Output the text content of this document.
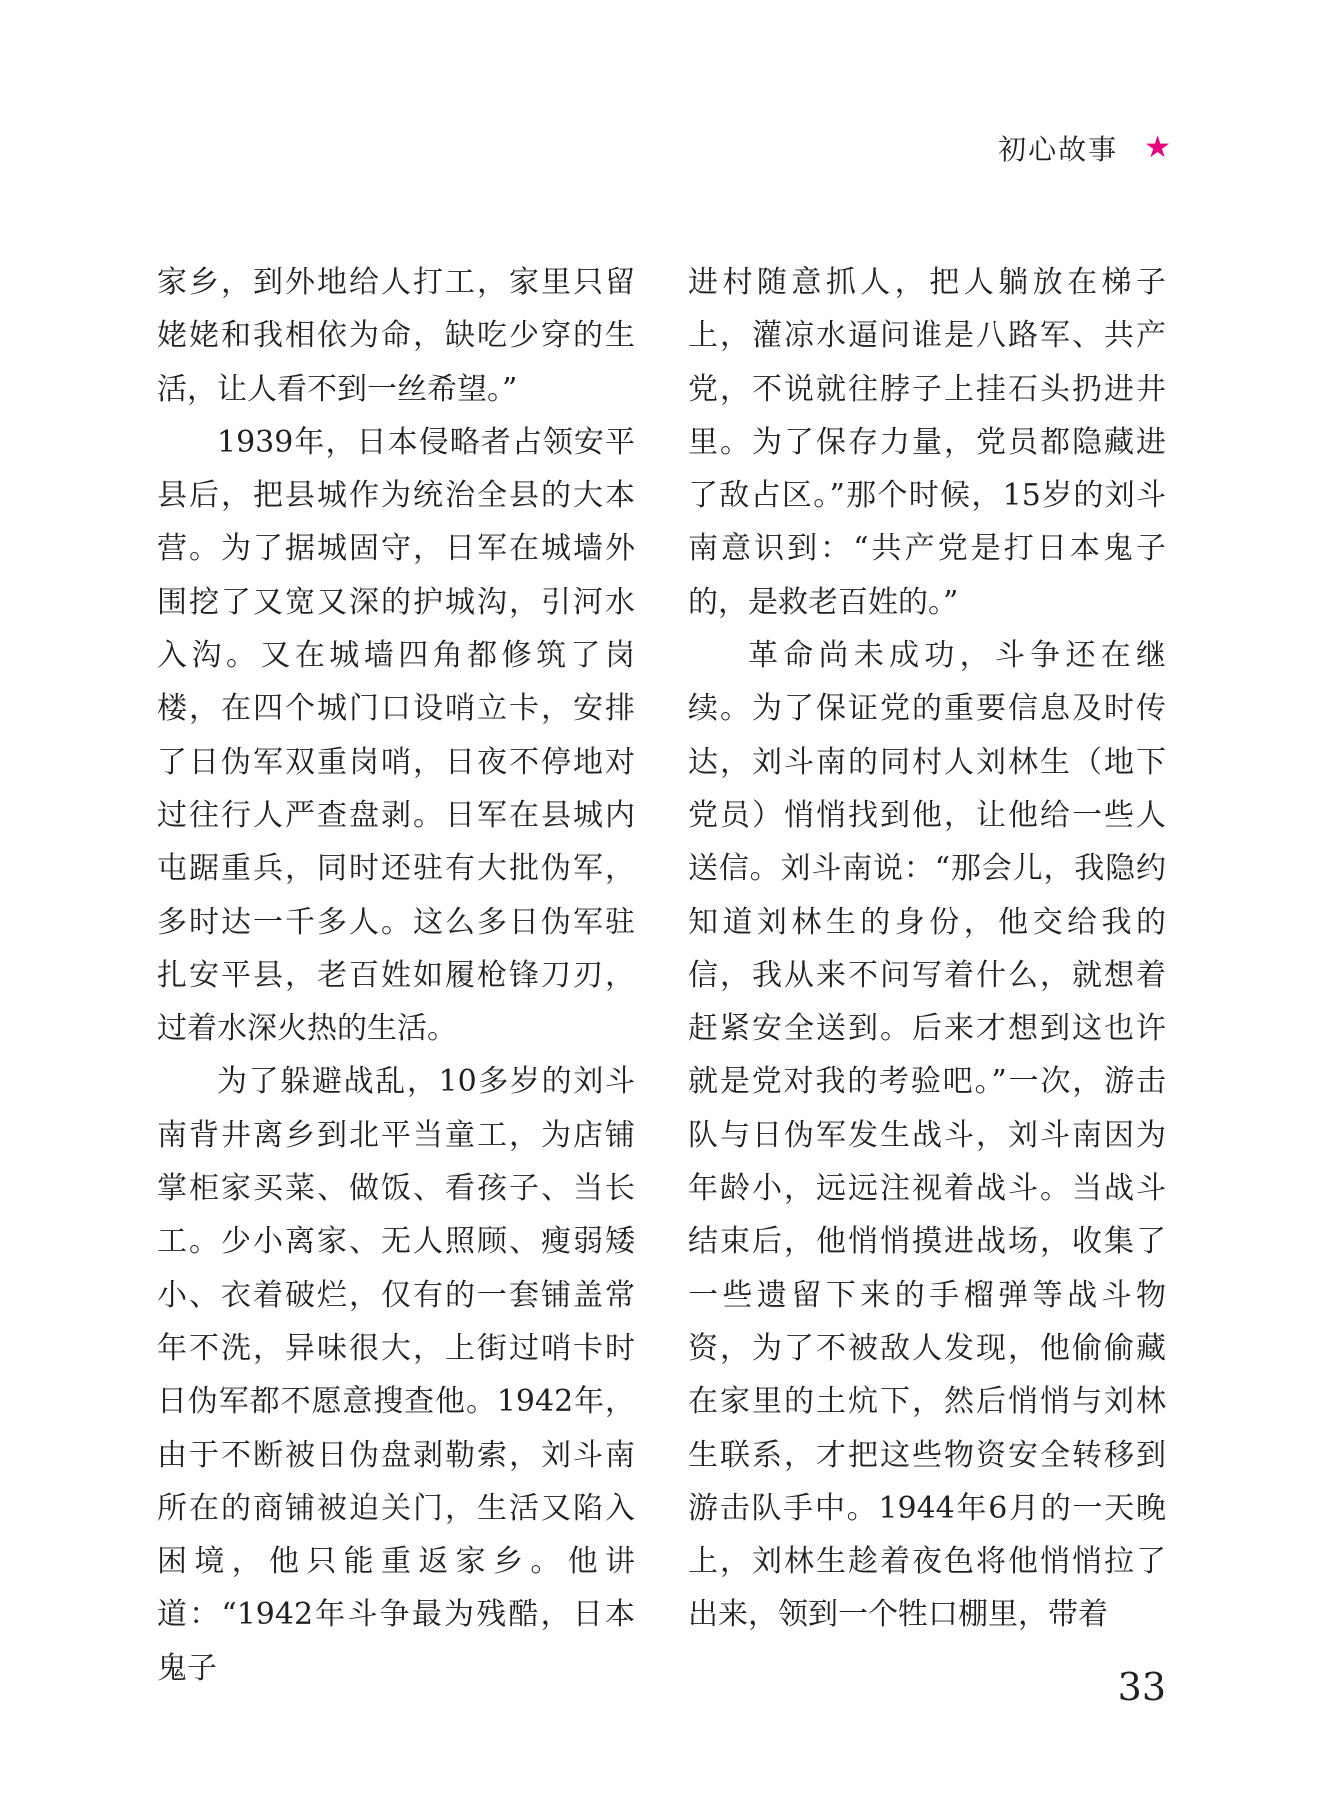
初心故事 ★

家乡，到外地给人打工，家里只留姥姥和我相依为命，缺吃少穿的生活，让人看不到一丝希望。”

1939年，日本侵略者占领安平县后，把县城作为统治全县的大本营。为了据城固守，日军在城墙外围挖了又宽又深的护城沟，引河水入沟。又在城墙四角都修筑了岗楼，在四个城门口设哨立卡，安排了日伪军双重岗哨，日夜不停地对过往行人严查盘剥。日军在县城内屯踞重兵，同时还驻有大批伪军，多时达一千多人。这么多日伪军驻扎安平县，老百姓如履枪锋刀刃，过着水深火热的生活。

为了躲避战乱，10多岁的刘斗南背井离乡到北平当童工，为店铺掌柜家买菜、做饭、看孩子、当长工。少小离家、无人照顾、瘦弱矮小、衣着破烂，仅有的一套铺盖常年不洗，异味很大，上街过哨卡时日伪军都不愿意搜查他。1942年，由于不断被日伪盘剥勒索，刘斗南所在的商铺被迫关门，生活又陷入困境，他只能重返家乡。他讲道：“1942年斗争最为残酷，日本鬼子

进村随意抓人，把人躺放在梯子上，灌凉水逼问谁是八路军、共产党，不说就往脖子上挂石头扔进井里。为了保存力量，党员都隐藏进了敌占区。”那个时候，15岁的刘斗南意识到：“共产党是打日本鬼子的，是救老百姓的。”

革命尚未成功，斗争还在继续。为了保证党的重要信息及时传达，刘斗南的同村人刘林生（地下党员）悄悄找到他，让他给一些人送信。刘斗南说：“那会儿，我隐约知道刘林生的身份，他交给我的信，我从来不问写着什么，就想着赶紧安全送到。后来才想到这也许就是党对我的考验吧。”一次，游击队与日伪军发生战斗，刘斗南因为年龄小，远远注视着战斗。当战斗结束后，他悄悄摸进战场，收集了一些遗留下来的手榴弹等战斗物资，为了不被敌人发现，他偷偷藏在家里的土炕下，然后悄悄与刘林生联系，才把这些物资安全转移到游击队手中。1944年6月的一天晚上，刘林生趁着夜色将他悄悄拉了出来，领到一个牲口棚里，带着

33
